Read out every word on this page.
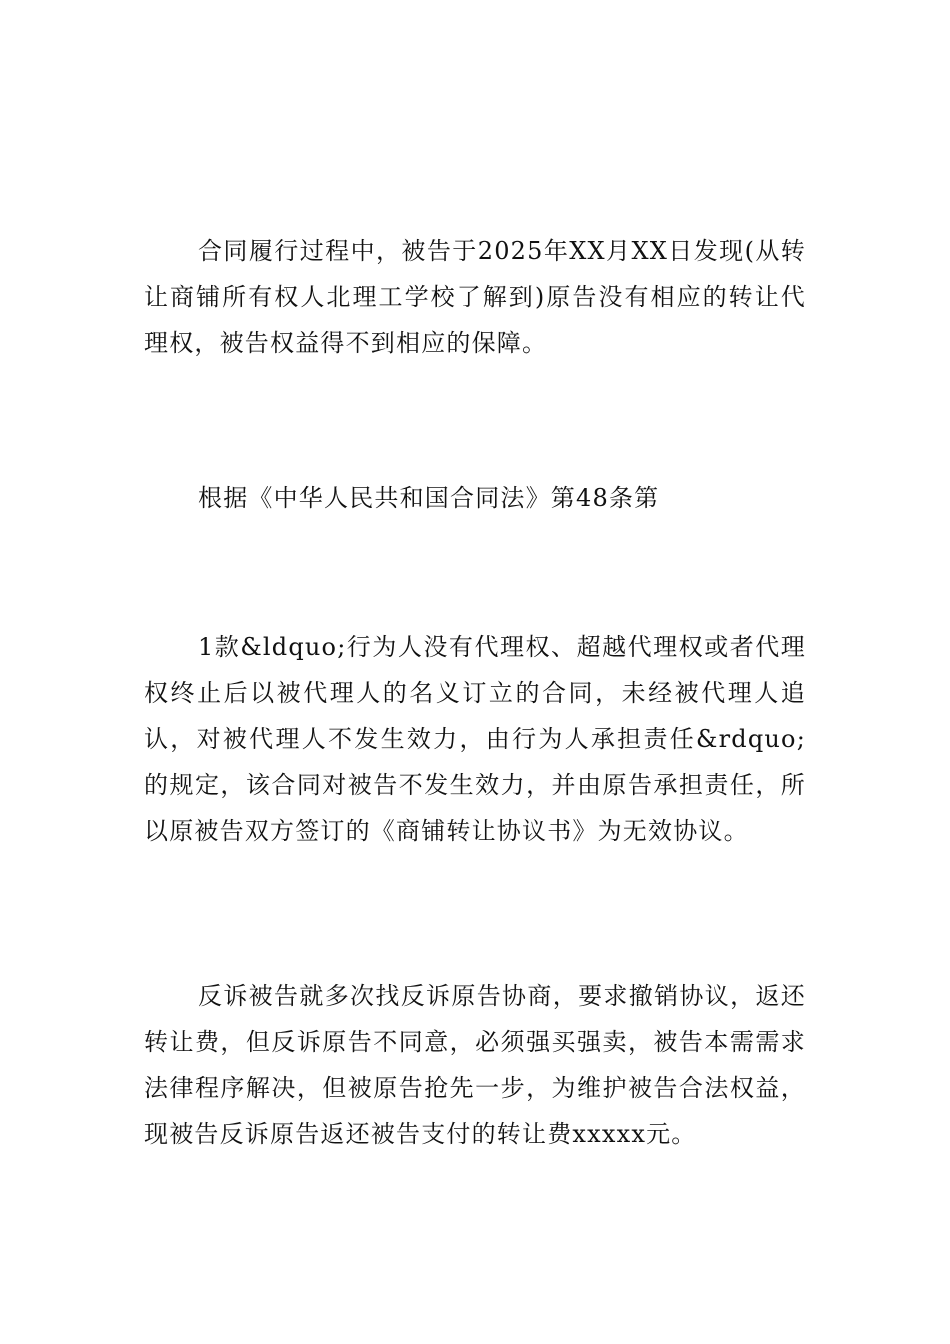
合同履行过程中，被告于2025年XX月XX日发现(从转让商铺所有权人北理工学校了解到)原告没有相应的转让代理权，被告权益得不到相应的保障。

根据《中华人民共和国合同法》第48条第

1款&ldquo;行为人没有代理权、超越代理权或者代理权终止后以被代理人的名义订立的合同，未经被代理人追认，对被代理人不发生效力，由行为人承担责任&rdquo;的规定，该合同对被告不发生效力，并由原告承担责任，所以原被告双方签订的《商铺转让协议书》为无效协议。

反诉被告就多次找反诉原告协商，要求撤销协议，返还转让费，但反诉原告不同意，必须强买强卖，被告本需需求法律程序解决，但被原告抢先一步，为维护被告合法权益，现被告反诉原告返还被告支付的转让费xxxxx元。
